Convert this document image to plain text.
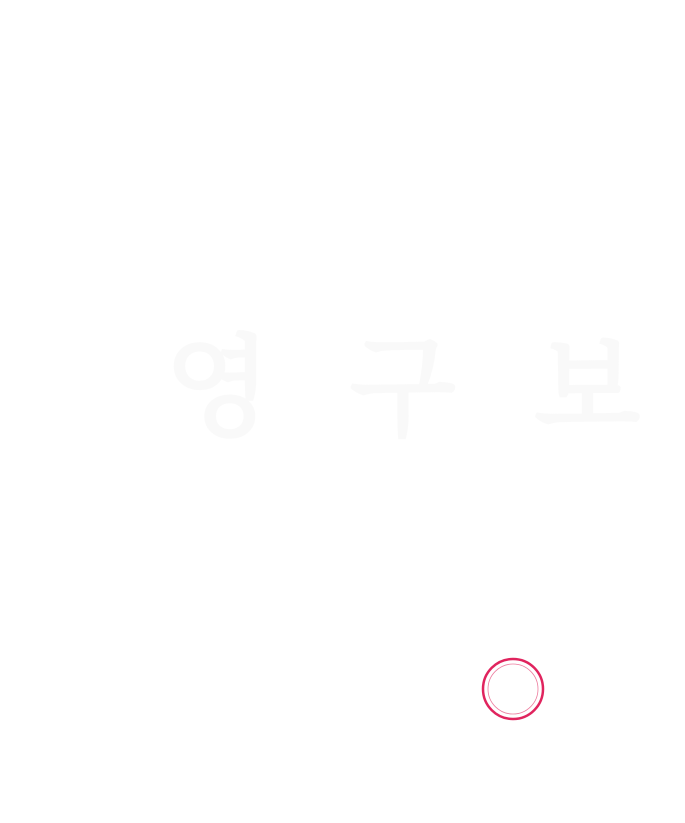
영 구 보
